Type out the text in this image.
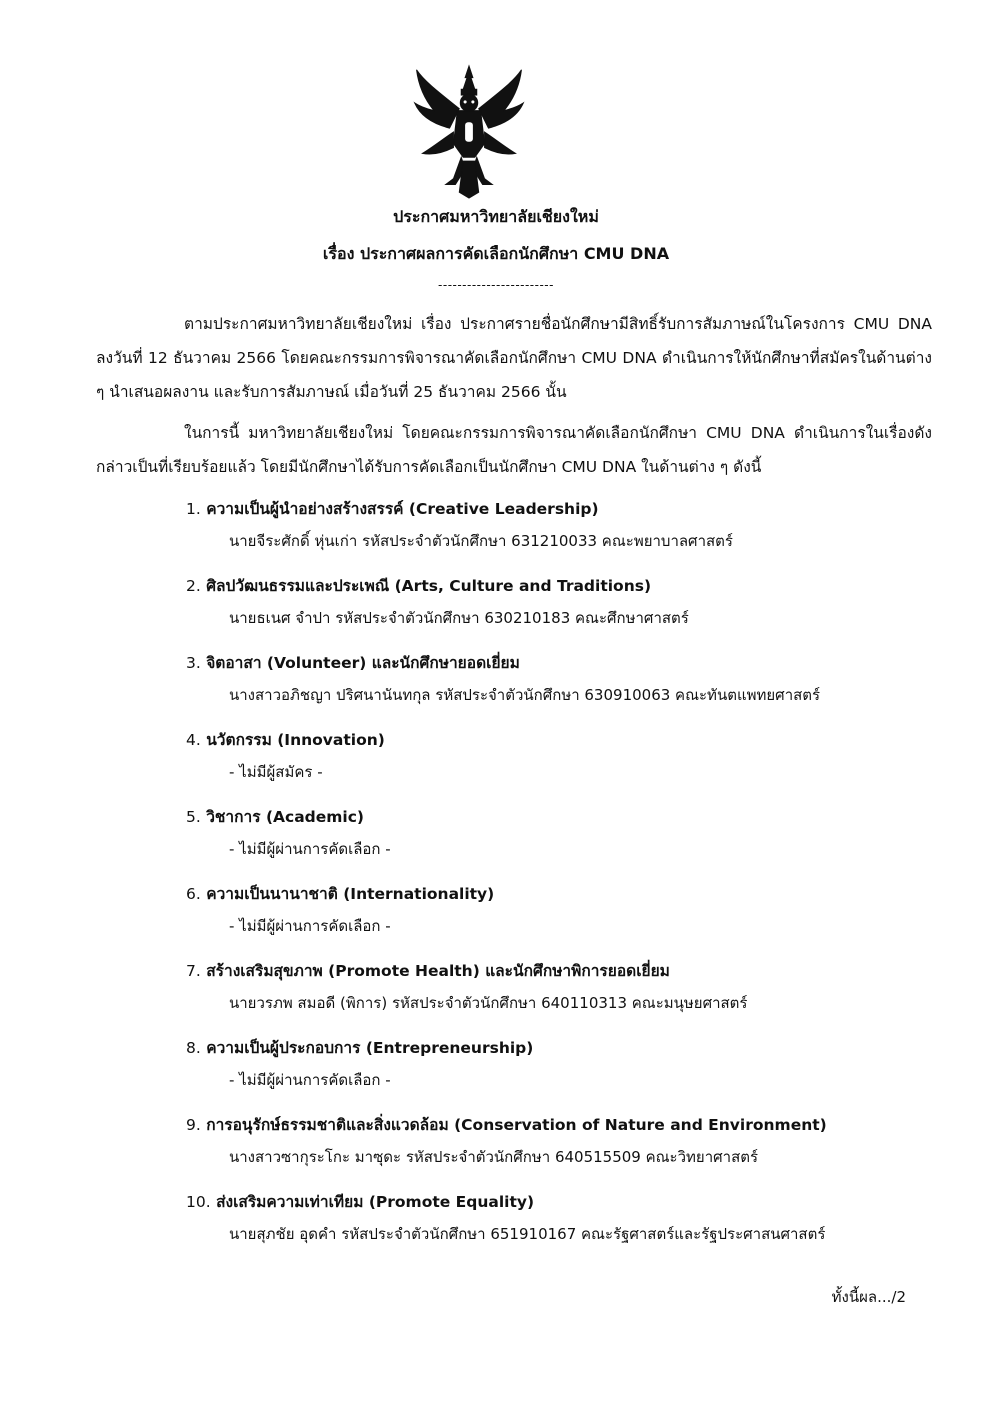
ประกาศมหาวิทยาลัยเชียงใหม่
เรื่อง ประกาศผลการคัดเลือกนักศึกษา CMU DNA
------------------------
ตามประกาศมหาวิทยาลัยเชียงใหม่ เรื่อง ประกาศรายชื่อนักศึกษามีสิทธิ์รับการสัมภาษณ์ในโครงการ CMU DNA ลงวันที่ 12 ธันวาคม 2566 โดยคณะกรรมการพิจารณาคัดเลือกนักศึกษา CMU DNA ดำเนินการให้นักศึกษาที่สมัครในด้านต่าง ๆ นำเสนอผลงาน และรับการสัมภาษณ์ เมื่อวันที่ 25 ธันวาคม 2566 นั้น
ในการนี้ มหาวิทยาลัยเชียงใหม่ โดยคณะกรรมการพิจารณาคัดเลือกนักศึกษา CMU DNA ดำเนินการในเรื่องดังกล่าวเป็นที่เรียบร้อยแล้ว โดยมีนักศึกษาได้รับการคัดเลือกเป็นนักศึกษา CMU DNA ในด้านต่าง ๆ ดังนี้
1. ความเป็นผู้นำอย่างสร้างสรรค์ (Creative Leadership)
นายจีระศักดิ์ หุ่นเก่า รหัสประจำตัวนักศึกษา 631210033 คณะพยาบาลศาสตร์
2. ศิลปวัฒนธรรมและประเพณี (Arts, Culture and Traditions)
นายธเนศ จำปา รหัสประจำตัวนักศึกษา 630210183 คณะศึกษาศาสตร์
3. จิตอาสา (Volunteer) และนักศึกษายอดเยี่ยม
นางสาวอภิชญา ปริศนานันทกุล รหัสประจำตัวนักศึกษา 630910063 คณะทันตแพทยศาสตร์
4. นวัตกรรม (Innovation)
- ไม่มีผู้สมัคร -
5. วิชาการ (Academic)
- ไม่มีผู้ผ่านการคัดเลือก -
6. ความเป็นนานาชาติ (Internationality)
- ไม่มีผู้ผ่านการคัดเลือก -
7. สร้างเสริมสุขภาพ (Promote Health) และนักศึกษาพิการยอดเยี่ยม
นายวรภพ สมอดี (พิการ) รหัสประจำตัวนักศึกษา 640110313 คณะมนุษยศาสตร์
8. ความเป็นผู้ประกอบการ (Entrepreneurship)
- ไม่มีผู้ผ่านการคัดเลือก -
9. การอนุรักษ์ธรรมชาติและสิ่งแวดล้อม (Conservation of Nature and Environment)
นางสาวซากุระโกะ มาซุดะ รหัสประจำตัวนักศึกษา 640515509 คณะวิทยาศาสตร์
10. ส่งเสริมความเท่าเทียม (Promote Equality)
นายสุภชัย อุดคำ รหัสประจำตัวนักศึกษา 651910167 คณะรัฐศาสตร์และรัฐประศาสนศาสตร์
ทั้งนี้ผล.../2
